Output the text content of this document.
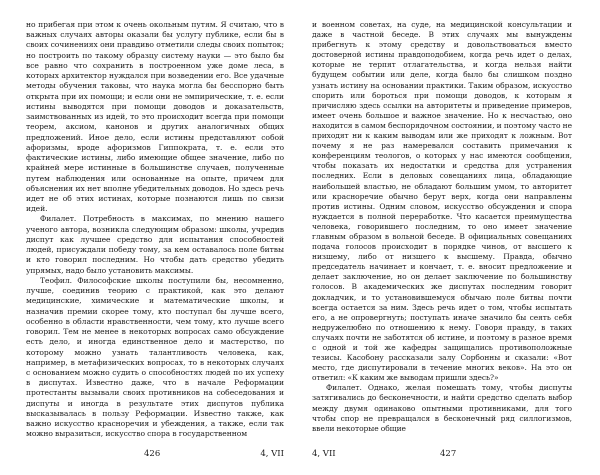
но прибегая при этом к очень окольным путям. Я считаю, что в важных случаях авторы оказали бы услугу публике, если бы в своих сочинениях они правдиво отметили следы своих попыток; но построить по такому образцу систему науки — это было бы все равно что сохранить в построенном уже доме леса, в которых архитектор нуждался при возведении его. Все удачные методы обучения таковы, что наука могла бы бесспорно быть открыта при их помощи; и если они не эмпирические, т. е. если истины выводятся при помощи доводов и доказательств, заимствованных из идей, то это происходит всегда при помощи теорем, аксиом, канонов и других аналогичных общих предложений. Иное дело, если истины представляют собой афоризмы, вроде афоризмов Гиппократа, т. е. если это фактические истины, либо имеющие общее значение, либо по крайней мере истинные в большинстве случаев, полученные путем наблюдения или основанные на опыте, причем для объяснения их нет вполне убедительных доводов. Но здесь речь идет не об этих истинах, которые познаются лишь по связи идей.

Филалет. Потребность в максимах, по мнению нашего ученого автора, возникла следующим образом: школы, учредив диспут как лучшее средство для испытания способностей людей, присуждали победу тому, за кем оставалось поле битвы и кто говорил последним. Но чтобы дать средство убедить упрямых, надо было установить максимы.

Теофил. Философские школы поступили бы, несомненно, лучше, соединив теорию с практикой, как это делают медицинские, химические и математические школы, и назначив премии скорее тому, кто поступал бы лучше всего, особенно в области нравственности, чем тому, кто лучше всего говорил. Тем не менее в некоторых вопросах само обсуждение есть дело, и иногда единственное дело и мастерство, по которому можно узнать талантливость человека, как, например, в метафизических вопросах, то в некоторых случаях с основанием можно судить о способностях людей по их успеху в диспутах. Известно даже, что в начале Реформации протестанты вызывали своих противников на собеседования и диспуты и иногда в результате этих диспутов публика высказывалась в пользу Реформации. Известно также, как важно искусство красноречия и убеждения, а также, если так можно выразиться, искусство спора в государственном

426	4, VII

и военном советах, на суде, на медицинской консультации и даже в частной беседе. В этих случаях мы вынуждены прибегнуть к этому средству и довольствоваться вместо достоверной истины правдоподобием, когда речь идет о делах, которые не терпят отлагательства, и когда нельзя найти будущем событии или деле, когда было бы слишком поздно узнать истину на основании практики. Таким образом, искусство спорить или бороться при помощи доводов, к которым я причисляю здесь ссылки на авторитеты и приведение примеров, имеет очень большое и важное значение. Но к несчастью, оно находится в самом беспорядочном состоянии, и поэтому часто не приходят ни к каким выводам или же приходят к ложным. Вот почему я не раз намеревался составить примечания к конференциям теологов, о которых у нас имеются сообщения, чтобы показать их недостатки и средства для устранения последних. Если в деловых совещаниях лица, обладающие наибольшей властью, не обладают большим умом, то авторитет или красноречие обычно берут верх, когда они направлены против истины. Одним словом, искусство обсуждения и спора нуждается в полной переработке. Что касается преимущества человека, говорившего последним, то оно имеет значение главным образом в вольной беседе. В официальных совещаниях подача голосов происходит в порядке чинов, от высшего к низшему, либо от низшего к высшему. Правда, обычно председатель начинает и кончает, т. е. вносит предложение и делает заключение, но он делает заключение по большинству голосов. В академических же диспутах последним говорит докладчик, и то установившемуся обычаю поле битвы почти всегда остается за ним. Здесь речь идет о том, чтобы испытать его, а не опровергнуть; поступать иначе значило бы сеять себя недружелюбно по отношению к нему. Говоря правду, в таких случаях почти не заботятся об истине, и поэтому в разное время с одной и той же кафедры защищались противоположные тезисы. Касобону рассказали залу Сорбонны и сказали: «Вот место, где диспутировали в течение многих веков». На это он ответил: «К каким же выводам пришли здесь?»

Филалет. Однако, желая помешать тому, чтобы диспуты затягивались до бесконечности, и найти средство сделать выбор между двумя одинаково опытными противниками, для того чтобы спор не превращался в бесконечный ряд силлогизмов, ввели некоторые общие

4, VII	427
